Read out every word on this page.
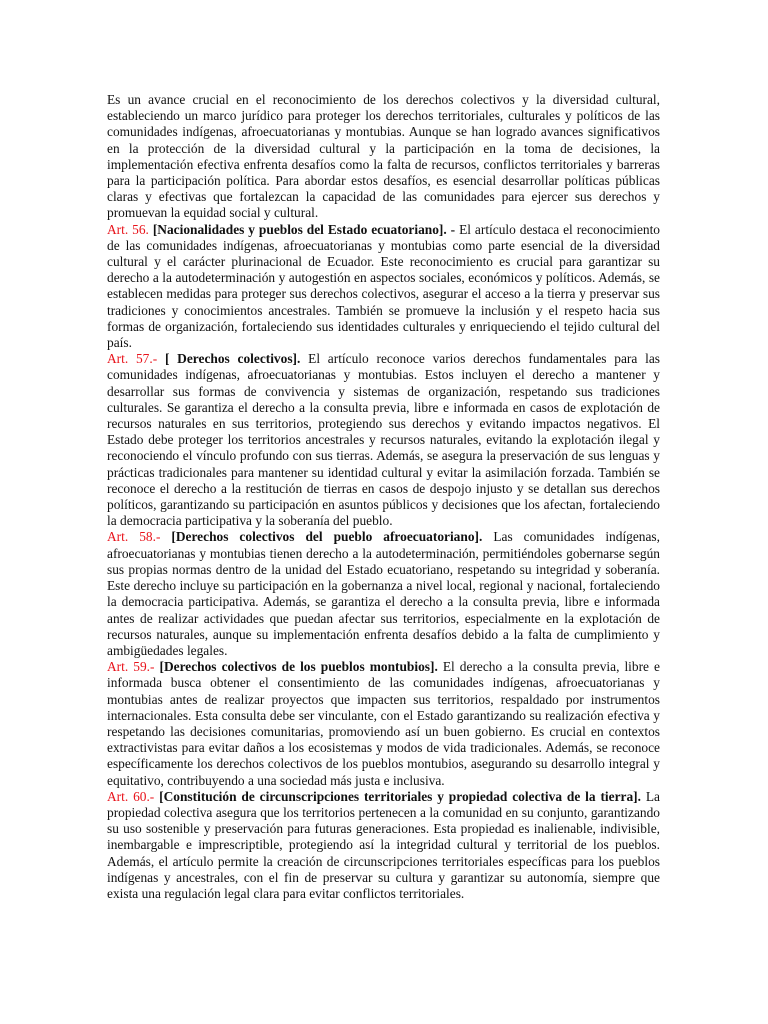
Es un avance crucial en el reconocimiento de los derechos colectivos y la diversidad cultural, estableciendo un marco jurídico para proteger los derechos territoriales, culturales y políticos de las comunidades indígenas, afroecuatorianas y montubias. Aunque se han logrado avances significativos en la protección de la diversidad cultural y la participación en la toma de decisiones, la implementación efectiva enfrenta desafíos como la falta de recursos, conflictos territoriales y barreras para la participación política. Para abordar estos desafíos, es esencial desarrollar políticas públicas claras y efectivas que fortalezcan la capacidad de las comunidades para ejercer sus derechos y promuevan la equidad social y cultural.

Art. 56. [Nacionalidades y pueblos del Estado ecuatoriano]. - El artículo destaca el reconocimiento de las comunidades indígenas, afroecuatorianas y montubias como parte esencial de la diversidad cultural y el carácter plurinacional de Ecuador. Este reconocimiento es crucial para garantizar su derecho a la autodeterminación y autogestión en aspectos sociales, económicos y políticos. Además, se establecen medidas para proteger sus derechos colectivos, asegurar el acceso a la tierra y preservar sus tradiciones y conocimientos ancestrales. También se promueve la inclusión y el respeto hacia sus formas de organización, fortaleciendo sus identidades culturales y enriqueciendo el tejido cultural del país.

Art. 57.- [ Derechos colectivos]. El artículo reconoce varios derechos fundamentales para las comunidades indígenas, afroecuatorianas y montubias. Estos incluyen el derecho a mantener y desarrollar sus formas de convivencia y sistemas de organización, respetando sus tradiciones culturales. Se garantiza el derecho a la consulta previa, libre e informada en casos de explotación de recursos naturales en sus territorios, protegiendo sus derechos y evitando impactos negativos. El Estado debe proteger los territorios ancestrales y recursos naturales, evitando la explotación ilegal y reconociendo el vínculo profundo con sus tierras. Además, se asegura la preservación de sus lenguas y prácticas tradicionales para mantener su identidad cultural y evitar la asimilación forzada. También se reconoce el derecho a la restitución de tierras en casos de despojo injusto y se detallan sus derechos políticos, garantizando su participación en asuntos públicos y decisiones que los afectan, fortaleciendo la democracia participativa y la soberanía del pueblo.

Art. 58.- [Derechos colectivos del pueblo afroecuatoriano]. Las comunidades indígenas, afroecuatorianas y montubias tienen derecho a la autodeterminación, permitiéndoles gobernarse según sus propias normas dentro de la unidad del Estado ecuatoriano, respetando su integridad y soberanía. Este derecho incluye su participación en la gobernanza a nivel local, regional y nacional, fortaleciendo la democracia participativa. Además, se garantiza el derecho a la consulta previa, libre e informada antes de realizar actividades que puedan afectar sus territorios, especialmente en la explotación de recursos naturales, aunque su implementación enfrenta desafíos debido a la falta de cumplimiento y ambigüedades legales.

Art. 59.- [Derechos colectivos de los pueblos montubios]. El derecho a la consulta previa, libre e informada busca obtener el consentimiento de las comunidades indígenas, afroecuatorianas y montubias antes de realizar proyectos que impacten sus territorios, respaldado por instrumentos internacionales. Esta consulta debe ser vinculante, con el Estado garantizando su realización efectiva y respetando las decisiones comunitarias, promoviendo así un buen gobierno. Es crucial en contextos extractivistas para evitar daños a los ecosistemas y modos de vida tradicionales. Además, se reconoce específicamente los derechos colectivos de los pueblos montubios, asegurando su desarrollo integral y equitativo, contribuyendo a una sociedad más justa e inclusiva.

Art. 60.- [Constitución de circunscripciones territoriales y propiedad colectiva de la tierra]. La propiedad colectiva asegura que los territorios pertenecen a la comunidad en su conjunto, garantizando su uso sostenible y preservación para futuras generaciones. Esta propiedad es inalienable, indivisible, inembargable e imprescriptible, protegiendo así la integridad cultural y territorial de los pueblos. Además, el artículo permite la creación de circunscripciones territoriales específicas para los pueblos indígenas y ancestrales, con el fin de preservar su cultura y garantizar su autonomía, siempre que exista una regulación legal clara para evitar conflictos territoriales.
